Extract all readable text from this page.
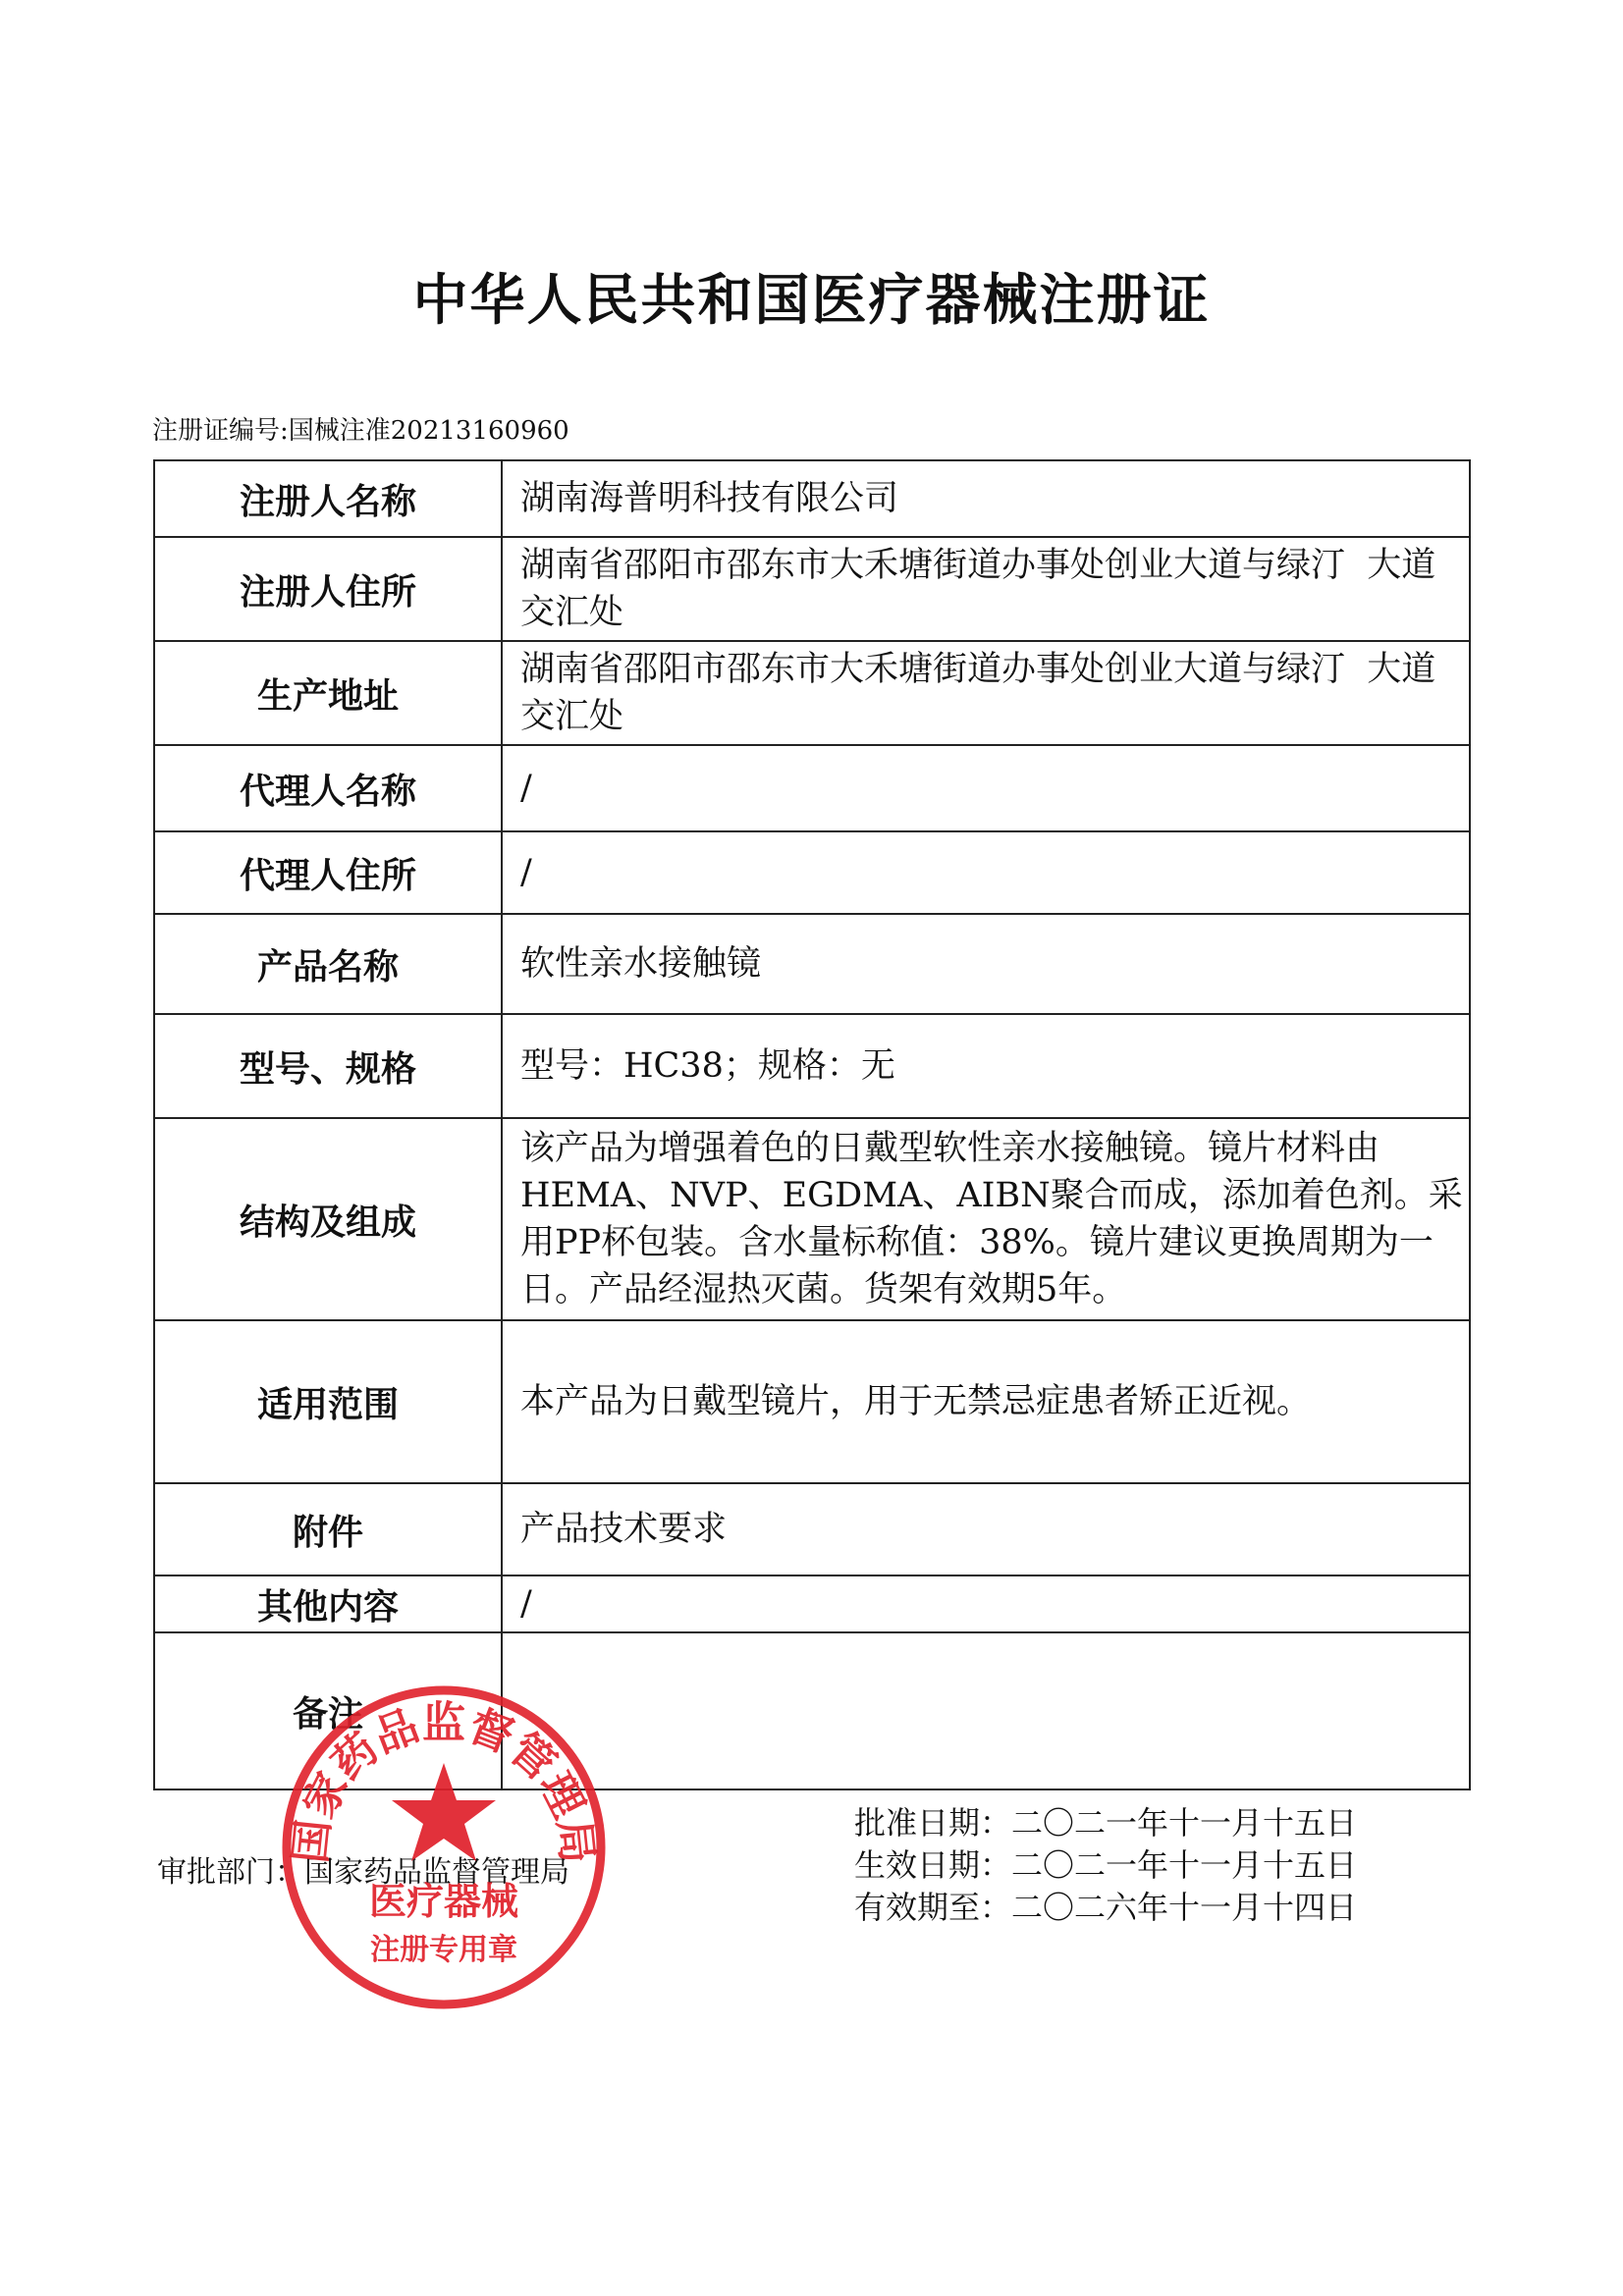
中华人民共和国医疗器械注册证
注册证编号:国械注准20213160960
注册人名称	湖南海普明科技有限公司
注册人住所	湖南省邵阳市邵东市大禾塘街道办事处创业大道与绿汀  大道交汇处
生产地址	湖南省邵阳市邵东市大禾塘街道办事处创业大道与绿汀  大道交汇处
代理人名称	/
代理人住所	/
产品名称	软性亲水接触镜
型号、规格	型号：HC38；规格：无
结构及组成	该产品为增强着色的日戴型软性亲水接触镜。镜片材料由HEMA、NVP、EGDMA、AIBN聚合而成，添加着色剂。采用PP杯包装。含水量标称值：38%。镜片建议更换周期为一日。产品经湿热灭菌。货架有效期5年。
适用范围	本产品为日戴型镜片，用于无禁忌症患者矫正近视。
附件	产品技术要求
其他内容	/
备注	
审批部门：国家药品监督管理局
批准日期：二〇二一年十一月十五日
生效日期：二〇二一年十一月十五日
有效期至：二〇二六年十一月十四日
国家药品监督管理局
医疗器械
注册专用章
